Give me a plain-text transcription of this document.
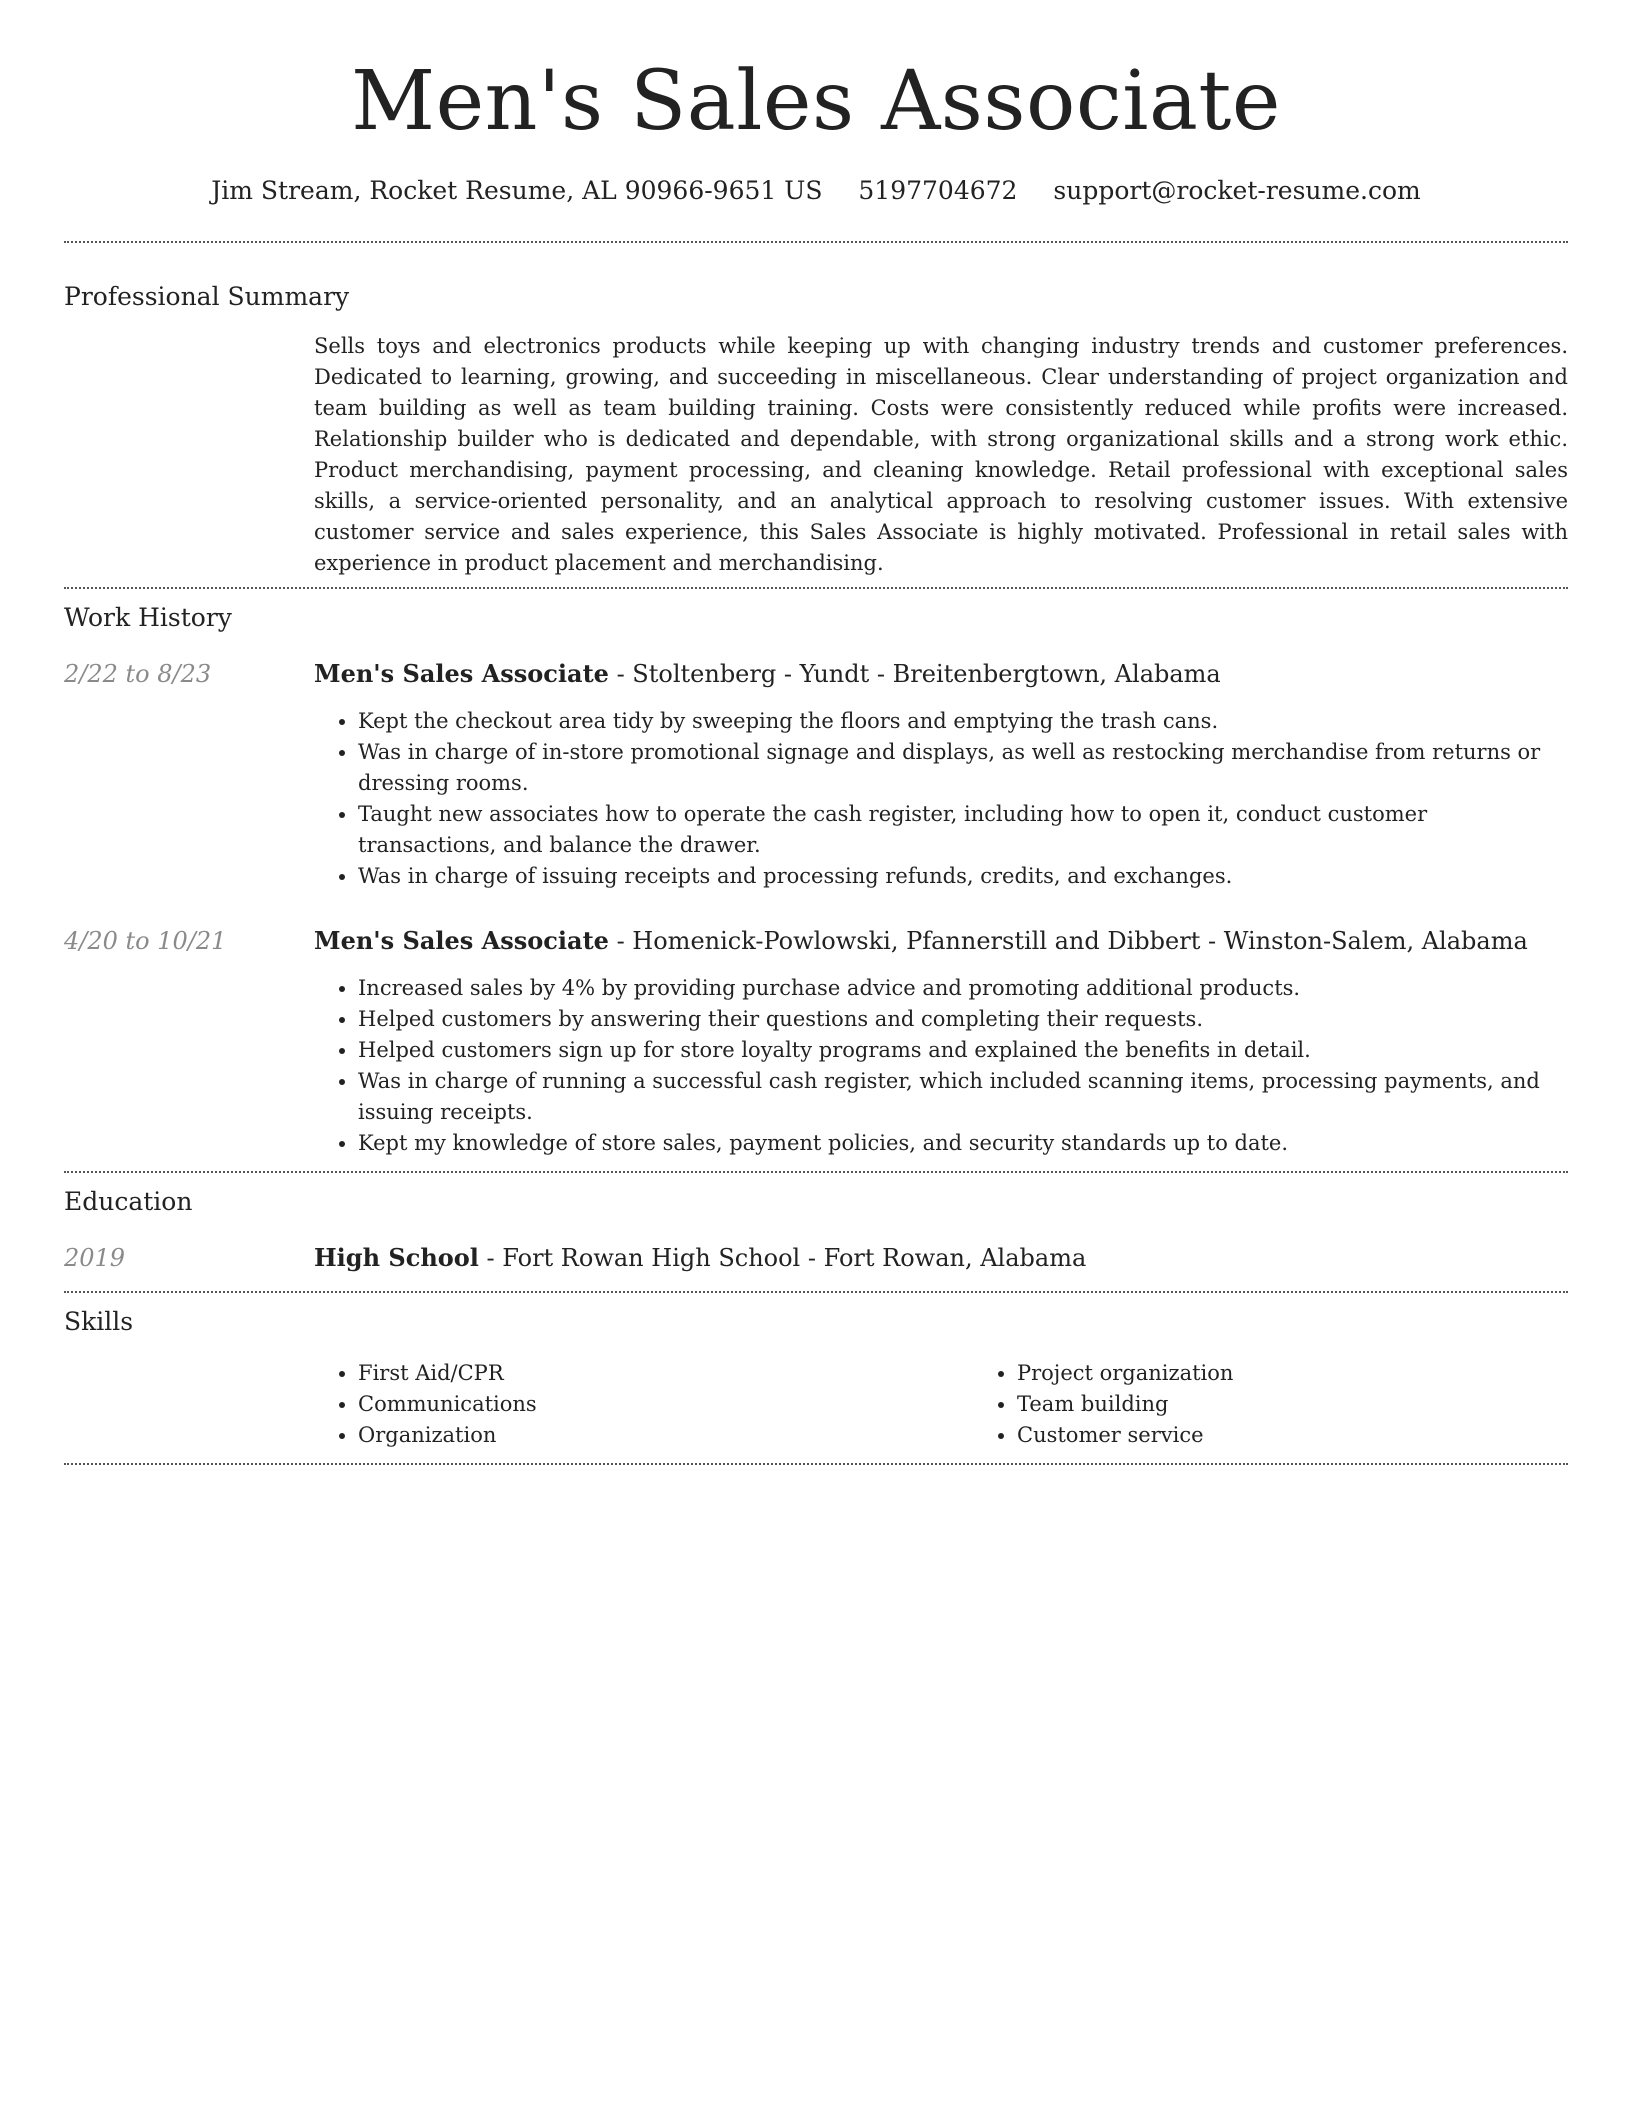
Men's Sales Associate
Jim Stream, Rocket Resume, AL 90966-9651 US 5197704672 support@rocket-resume.com
Professional Summary

Sells toys and electronics products while keeping up with changing industry trends and customer preferences. Dedicated to learning, growing, and succeeding in miscellaneous. Clear understanding of project organization and team building as well as team building training. Costs were consistently reduced while profits were increased. Relationship builder who is dedicated and dependable, with strong organizational skills and a strong work ethic. Product merchandising, payment processing, and cleaning knowledge. Retail professional with exceptional sales skills, a service-oriented personality, and an analytical approach to resolving customer issues. With extensive customer service and sales experience, this Sales Associate is highly motivated. Professional in retail sales with experience in product placement and merchandising.

Work History
2/22 to 8/23	Men's Sales Associate - Stoltenberg - Yundt - Breitenbergtown, Alabama
• Kept the checkout area tidy by sweeping the floors and emptying the trash cans.
• Was in charge of in-store promotional signage and displays, as well as restocking merchandise from returns or dressing rooms.
• Taught new associates how to operate the cash register, including how to open it, conduct customer transactions, and balance the drawer.
• Was in charge of issuing receipts and processing refunds, credits, and exchanges.
4/20 to 10/21	Men's Sales Associate - Homenick-Powlowski, Pfannerstill and Dibbert - Winston-Salem, Alabama
• Increased sales by 4% by providing purchase advice and promoting additional products.
• Helped customers by answering their questions and completing their requests.
• Helped customers sign up for store loyalty programs and explained the benefits in detail.
• Was in charge of running a successful cash register, which included scanning items, processing payments, and issuing receipts.
• Kept my knowledge of store sales, payment policies, and security standards up to date.
Education
2019	High School - Fort Rowan High School - Fort Rowan, Alabama
Skills
• First Aid/CPR
• Communications
• Organization
• Project organization
• Team building
• Customer service
